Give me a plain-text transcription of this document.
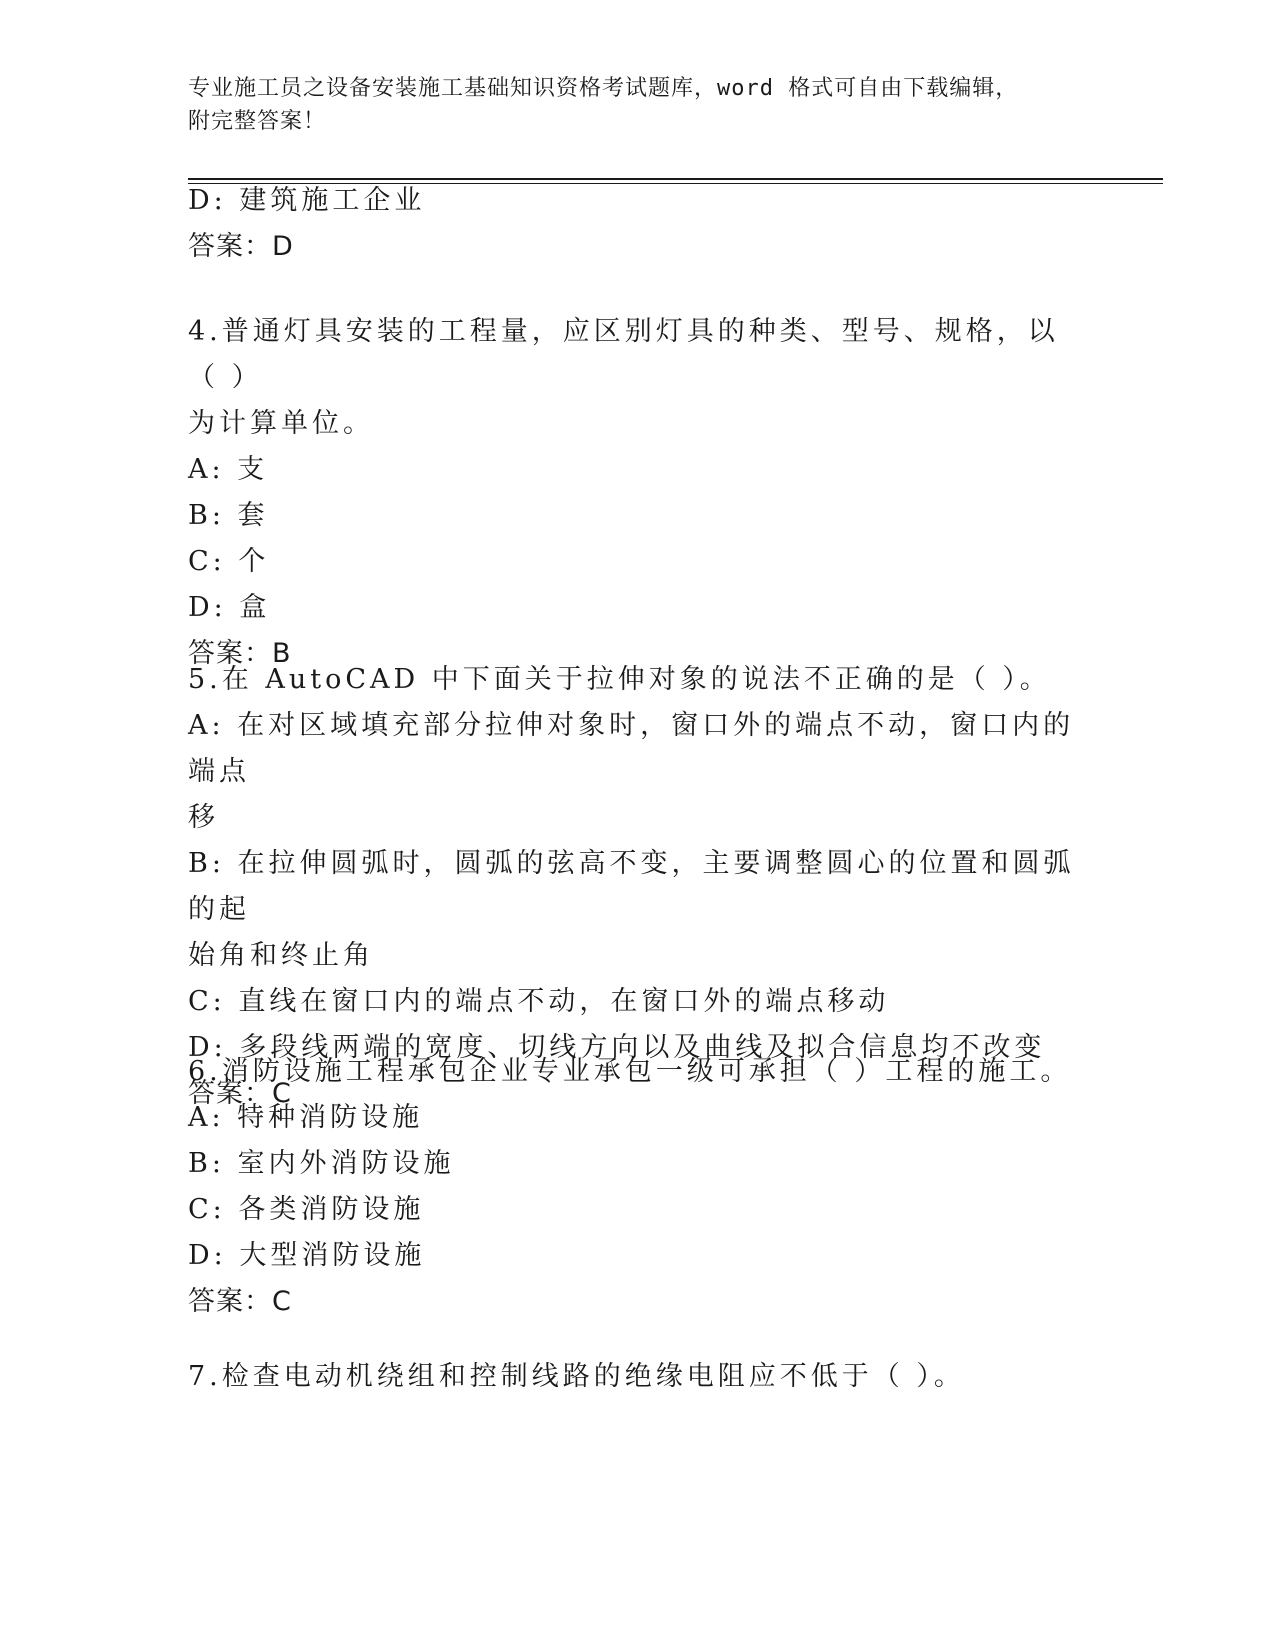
专业施工员之设备安装施工基础知识资格考试题库，word 格式可自由下载编辑，
附完整答案！
D: 建筑施工企业
答案：D
4.普通灯具安装的工程量，应区别灯具的种类、型号、规格，以（ ）
为计算单位。
A: 支
B: 套
C: 个
D: 盒
答案：B
5.在 AutoCAD 中下面关于拉伸对象的说法不正确的是（ ）。
A: 在对区域填充部分拉伸对象时，窗口外的端点不动，窗口内的端点
移
B: 在拉伸圆弧时，圆弧的弦高不变，主要调整圆心的位置和圆弧的起
始角和终止角
C: 直线在窗口内的端点不动，在窗口外的端点移动
D: 多段线两端的宽度、切线方向以及曲线及拟合信息均不改变
答案：C
6.消防设施工程承包企业专业承包一级可承担（ ）工程的施工。
A: 特种消防设施
B: 室内外消防设施
C: 各类消防设施
D: 大型消防设施
答案：C
7.检查电动机绕组和控制线路的绝缘电阻应不低于（ ）。
